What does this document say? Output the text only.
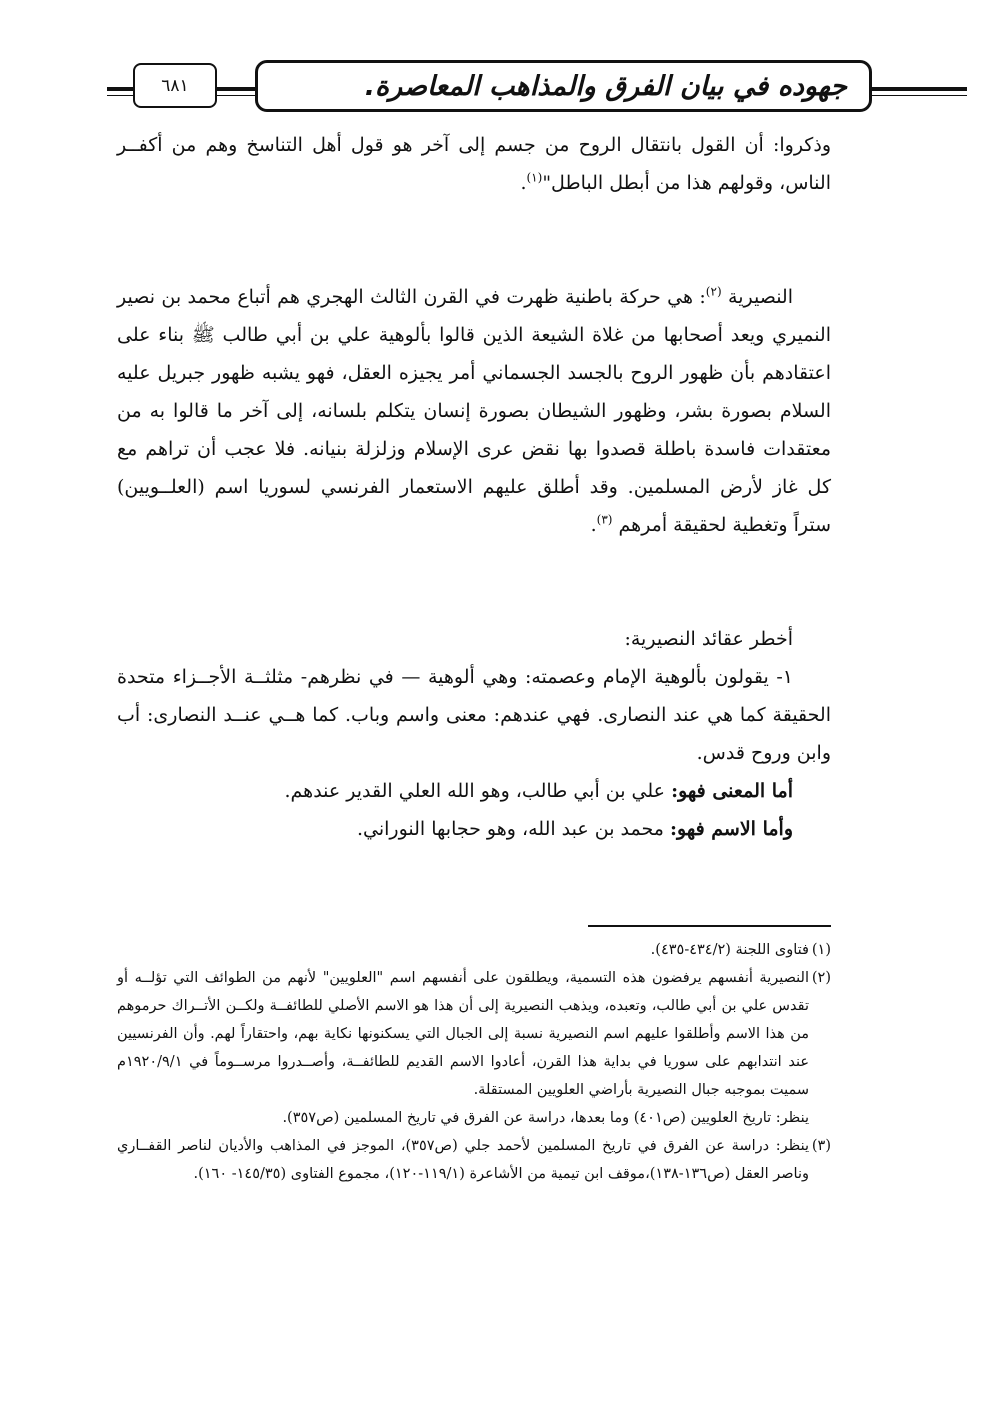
جهوده في بيان الفرق والمذاهب المعاصرة.
٦٨١

وذكروا: أن القول بانتقال الروح من جسم إلى آخر هو قول أهل التناسخ وهم من أكفــر الناس، وقولهم هذا من أبطل الباطل"$^{(١)}$.

النصيرية $^{(٢)}$: هي حركة باطنية ظهرت في القرن الثالث الهجري هم أتباع محمد بن نصير النميري ويعد أصحابها من غلاة الشيعة الذين قالوا بألوهية علي بن أبي طالب ﷺ بناء على اعتقادهم بأن ظهور الروح بالجسد الجسماني أمر يجيزه العقل، فهو يشبه ظهور جبريل عليه السلام بصورة بشر، وظهور الشيطان بصورة إنسان يتكلم بلسانه، إلى آخر ما قالوا به من معتقدات فاسدة باطلة قصدوا بها نقض عرى الإسلام وزلزلة بنيانه. فلا عجب أن تراهم مع كل غاز لأرض المسلمين. وقد أطلق عليهم الاستعمار الفرنسي لسوريا اسم (العلــويين) ستراً وتغطية لحقيقة أمرهم $^{(٣)}$.

أخطر عقائد النصيرية:

١- يقولون بألوهية الإمام وعصمته: وهي ألوهية — في نظرهم- مثلثــة الأجــزاء متحدة الحقيقة كما هي عند النصارى. فهي عندهم: معنى واسم وباب. كما هــي عنــد النصارى: أب وابن وروح قدس.

أما المعنى فهو: علي بن أبي طالب، وهو الله العلي القدير عندهم.

وأما الاسم فهو: محمد بن عبد الله، وهو حجابها النوراني.

(١)
فتاوى اللجنة (٤٣٤/٢-٤٣٥).
(٢)
النصيرية أنفسهم يرفضون هذه التسمية، ويطلقون على أنفسهم اسم "العلويين" لأنهم من الطوائف التي تؤلــه أو تقدس علي بن أبي طالب، وتعبده، ويذهب النصيرية إلى أن هذا هو الاسم الأصلي للطائفــة ولكــن الأتــراك حرموهم من هذا الاسم وأطلقوا عليهم اسم النصيرية نسبة إلى الجبال التي يسكنونها نكاية بهم، واحتقاراً لهم. وأن الفرنسيين عند انتدابهم على سوريا في بداية هذا القرن، أعادوا الاسم القديم للطائفــة، وأصــدروا مرســوماً في ١٩٢٠/٩/١م سميت بموجبه جبال النصيرية بأراضي العلويين المستقلة.

ينظر: تاريخ العلويين (ص٤٠١) وما بعدها، دراسة عن الفرق في تاريخ المسلمين (ص٣٥٧).

(٣)
ينظر: دراسة عن الفرق في تاريخ المسلمين لأحمد جلي (ص٣٥٧)، الموجز في المذاهب والأديان لناصر القفــاري وناصر العقل (ص١٣٦-١٣٨)،موقف ابن تيمية من الأشاعرة (١١٩/١-١٢٠)، مجموع الفتاوى (١٤٥/٣٥- ١٦٠).
